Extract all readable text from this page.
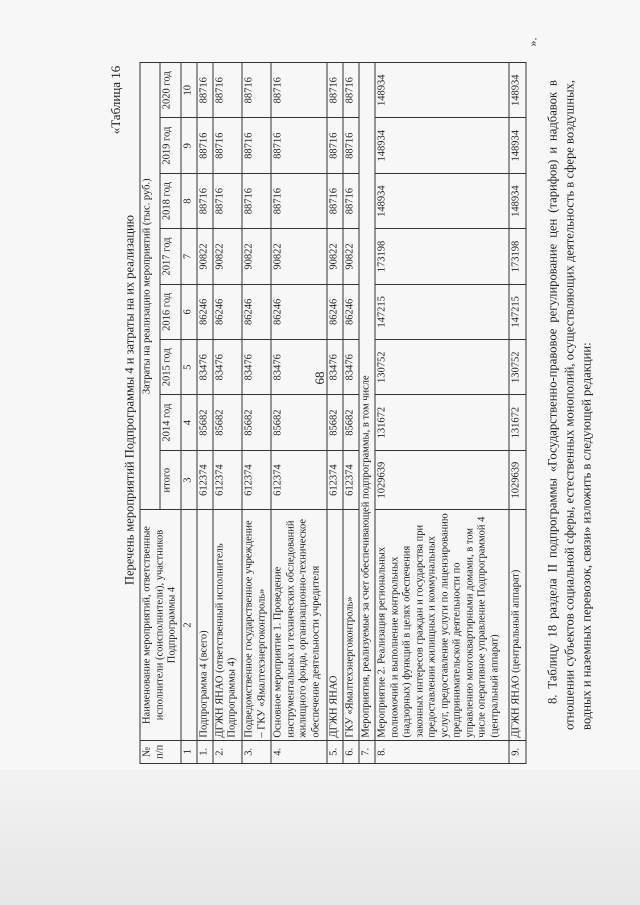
68
Перечень мероприятий Подпрограммы 4 и затраты на их реализацию
«Таблица 16
».
№ п/п	Наименование мероприятий, ответственные исполнители (соисполнители), участников Подпрограммы 4	Затраты на реализацию мероприятий (тыс. руб.)							
		итого	2014 год	2015 год	2016 год	2017 год	2018 год	2019 год	2020 год
1	2	3	4	5	6	7	8	9	10
1.	Подпрограмма 4 (всего)	612374	85682	83476	86246	90822	88716	88716	88716
2.	ДГЖН ЯНАО (ответственный исполнитель Подпрограммы 4)	612374	85682	83476	86246	90822	88716	88716	88716
3.	Подведомственное государственное учреждение – ГКУ «Ямалтехэнергоконтроль»	612374	85682	83476	86246	90822	88716	88716	88716
4.	Основное мероприятие 1. Проведение инструментальных и технических обследований жилищного фонда, организационно-техническое обеспечение деятельности учредителя	612374	85682	83476	86246	90822	88716	88716	88716
5.	ДГЖН ЯНАО	612374	85682	83476	86246	90822	88716	88716	88716
6.	ГКУ «Ямалтехэнергоконтроль»	612374	85682	83476	86246	90822	88716	88716	88716
7.	Мероприятия, реализуемые за счет обеспечивающей подпрограммы, в том числе								
8.	Мероприятие 2. Реализация региональных полномочий и выполнение контрольных (надзорных) функций в целях обеспечения законных интересов граждан и государства при предоставлении жилищных и коммунальных услуг, предоставление услуги по лицензированию предпринимательской деятельности по управлению многоквартирными домами, в том числе оперативное управление Подпрограммой 4 (центральный аппарат)	1029639	131672	130752	147215	173198	148934	148934	148934
9.	ДГЖН ЯНАО (центральный аппарат)	1029639	131672	130752	147215	173198	148934	148934	148934 8. Таблицу 18 раздела II подпрограммы «Государственно-правовое регулирование цен (тарифов) и надбавок в отношении субъектов социальной сферы, естественных монополий, осуществляющих деятельность в сфере воздушных, водных и наземных перевозок, связи» изложить в следующей редакции:
